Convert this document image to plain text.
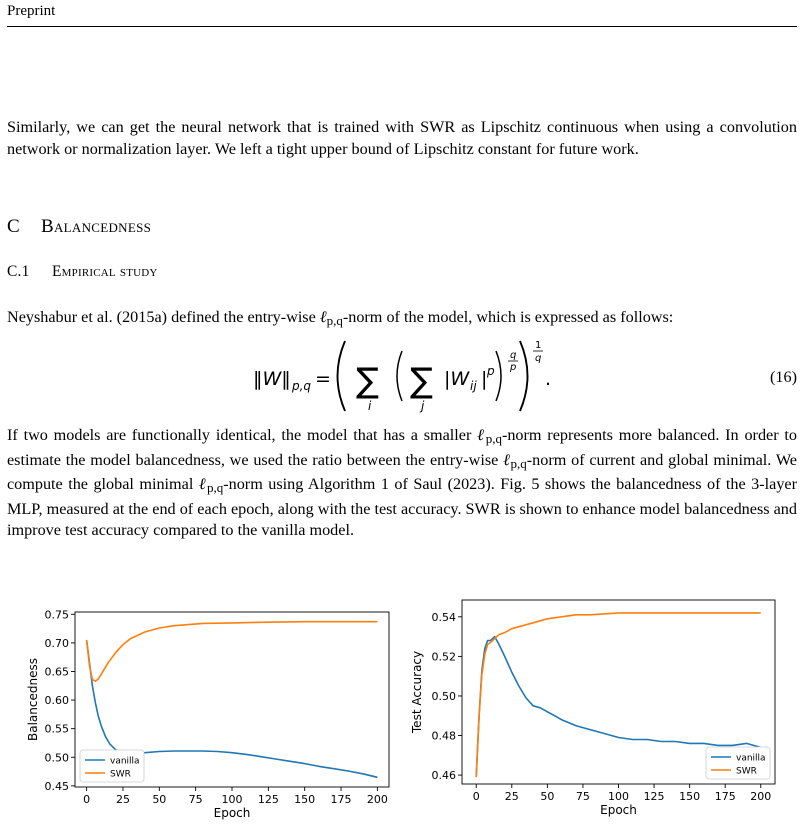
Preprint

Similarly, we can get the neural network that is trained with SWR as Lipschitz continuous when using a convolution network or normalization layer. We left a tight upper bound of Lipschitz constant for future work.

C Balancedness
C.1 Empirical study

Neyshabur et al. (2015a) defined the entry-wise ℓ$_{p,q}$-norm of the model, which is expressed as follows:

‖W‖ p,q = ∑
i
∑
j
|W ij | p
q
p
1
q
.	(16)

If two models are functionally identical, the model that has a smaller ℓ$_{p,q}$-norm represents more balanced. In order to estimate the model balancedness, we used the ratio between the entry-wise ℓ$_{p,q}$-norm of current and global minimal. We compute the global minimal ℓ$_{p,q}$-norm using Algorithm 1 of Saul (2023). Fig. 5 shows the balancedness of the 3-layer MLP, measured at the end of each epoch, along with the test accuracy. SWR is shown to enhance model balancedness and improve test accuracy compared to the vanilla model.

0 25 50 75 100 125 150 175 200
0.45
0.50
0.55
0.60
0.65
0.70
0.75
Epoch
Balancedness
vanilla
SWR
0 25 50 75 100 125 150 175 200
0.46
0.48
0.50
0.52
0.54
Epoch
Test Accuracy
vanilla
SWR
